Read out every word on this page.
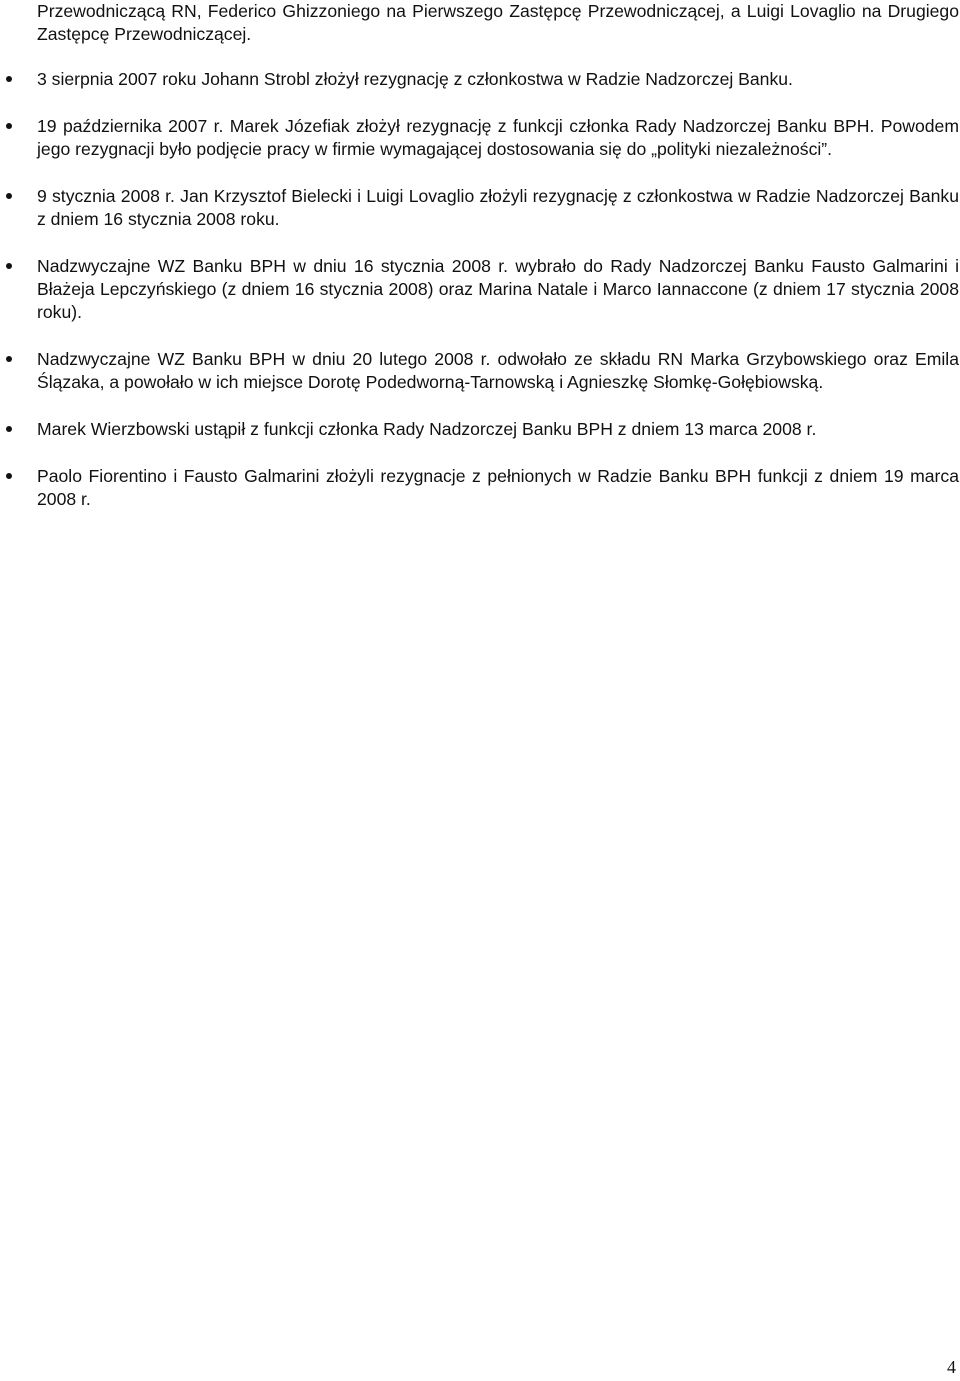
Przewodniczącą RN, Federico Ghizzoniego na Pierwszego Zastępcę Przewodniczącej, a Luigi Lovaglio na Drugiego Zastępcę Przewodniczącej.

3 sierpnia 2007 roku Johann Strobl złożył rezygnację z członkostwa w Radzie Nadzorczej Banku.
19 października 2007 r. Marek Józefiak złożył rezygnację z funkcji członka Rady Nadzorczej Banku BPH. Powodem jego rezygnacji było podjęcie pracy w firmie wymagającej dostosowania się do „polityki niezależności”.
9 stycznia 2008 r. Jan Krzysztof Bielecki i Luigi Lovaglio złożyli rezygnację z członkostwa w Radzie Nadzorczej Banku z dniem 16 stycznia 2008 roku.
Nadzwyczajne WZ Banku BPH w dniu 16 stycznia 2008 r. wybrało do Rady Nadzorczej Banku Fausto Galmarini i Błażeja Lepczyńskiego (z dniem 16 stycznia 2008) oraz Marina Natale i Marco Iannaccone (z dniem 17 stycznia 2008 roku).
Nadzwyczajne WZ Banku BPH w dniu 20 lutego 2008 r. odwołało ze składu RN Marka Grzybowskiego oraz Emila Ślązaka, a powołało w ich miejsce Dorotę Podedworną-Tarnowską i Agnieszkę Słomkę-Gołębiowską.
Marek Wierzbowski ustąpił z funkcji członka Rady Nadzorczej Banku BPH z dniem 13 marca 2008 r.
Paolo Fiorentino i Fausto Galmarini złożyli rezygnacje z pełnionych w Radzie Banku BPH funkcji z dniem 19 marca 2008 r.
4
